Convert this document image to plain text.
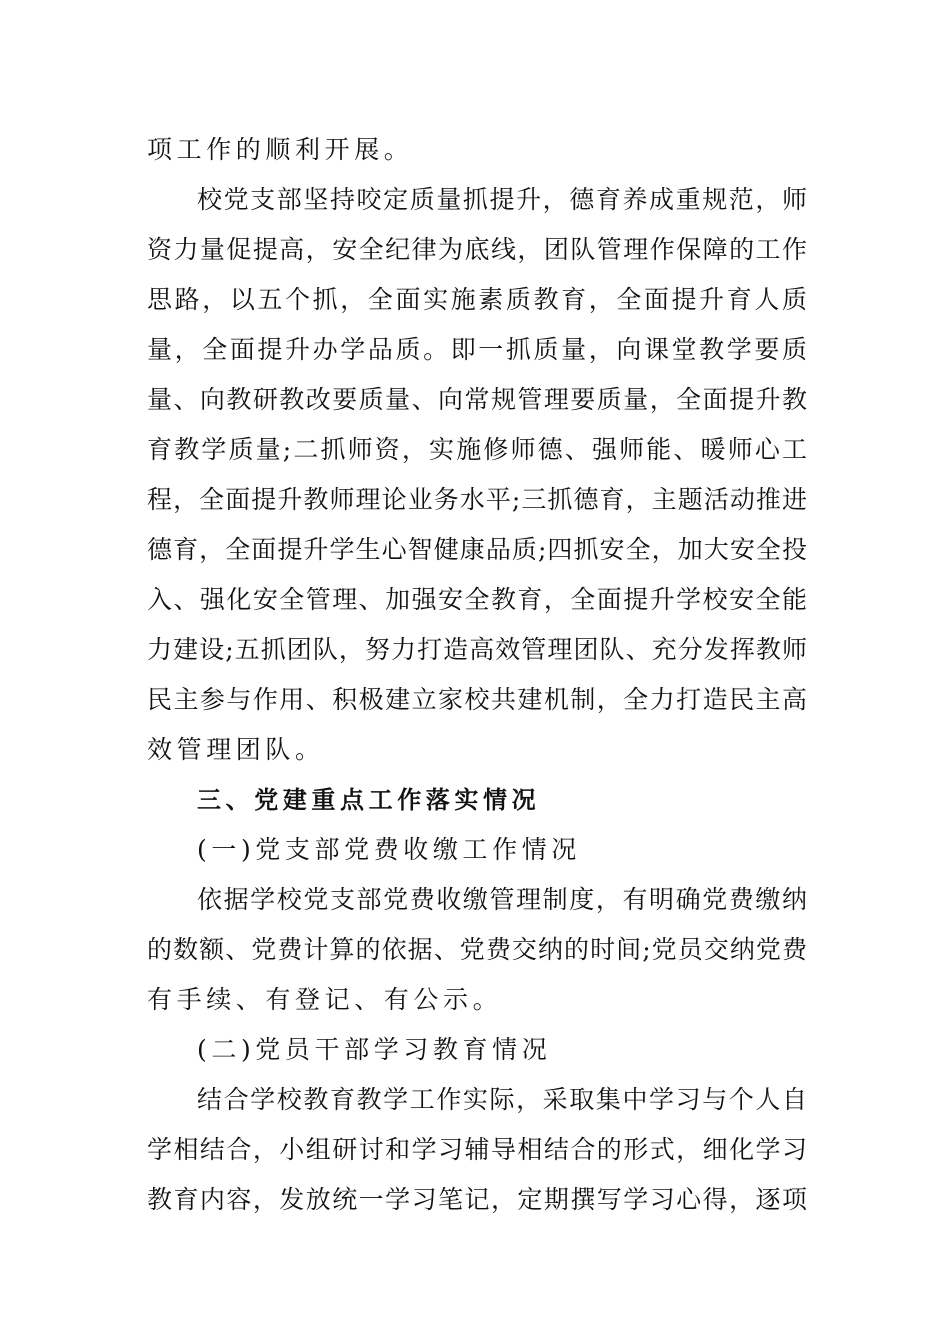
项工作的顺利开展。

校党支部坚持咬定质量抓提升，德育养成重规范，师

资力量促提高，安全纪律为底线，团队管理作保障的工作

思路，以五个抓，全面实施素质教育，全面提升育人质

量，全面提升办学品质。即一抓质量，向课堂教学要质

量、向教研教改要质量、向常规管理要质量，全面提升教

育教学质量;二抓师资，实施修师德、强师能、暖师心工

程，全面提升教师理论业务水平;三抓德育，主题活动推进

德育，全面提升学生心智健康品质;四抓安全，加大安全投

入、强化安全管理、加强安全教育，全面提升学校安全能

力建设;五抓团队，努力打造高效管理团队、充分发挥教师

民主参与作用、积极建立家校共建机制，全力打造民主高

效管理团队。

三、党建重点工作落实情况

(一)党支部党费收缴工作情况

依据学校党支部党费收缴管理制度，有明确党费缴纳

的数额、党费计算的依据、党费交纳的时间;党员交纳党费

有手续、有登记、有公示。

(二)党员干部学习教育情况

结合学校教育教学工作实际，采取集中学习与个人自

学相结合，小组研讨和学习辅导相结合的形式，细化学习

教育内容，发放统一学习笔记，定期撰写学习心得，逐项
